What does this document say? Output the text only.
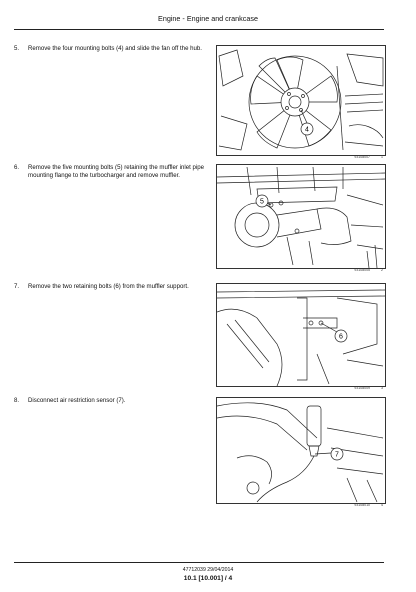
Engine - Engine and crankcase
5. Remove the four mounting bolts (4) and slide the fan off the hub.
4
93108007	1
6. Remove the five mounting bolts (5) retaining the muffler inlet pipe mounting flange to the turbocharger and remove muffler.
5
93108005	2
7. Remove the two retaining bolts (6) from the muffler support.
6
93108009	3
8. Disconnect air restriction sensor (7).
7
93108010	4
47712039 29/04/2014
10.1 [10.001] / 4
